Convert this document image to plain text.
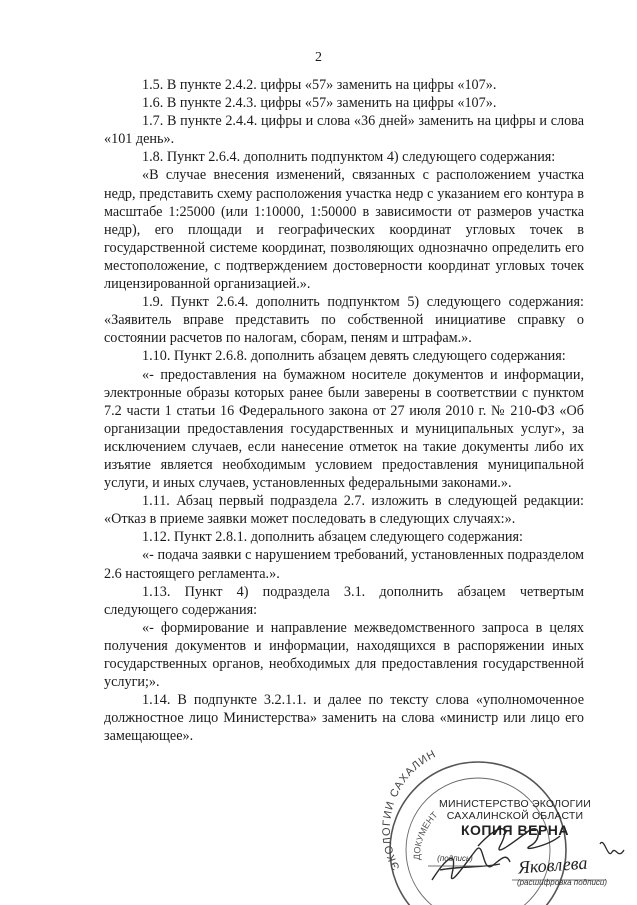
2

1.5. В пункте 2.4.2. цифры «57» заменить на цифры «107».

1.6. В пункте 2.4.3. цифры «57» заменить на цифры «107».

1.7. В пункте 2.4.4. цифры и слова «36 дней» заменить на цифры и слова «101 день».

1.8. Пункт 2.6.4. дополнить подпунктом 4) следующего содержания:

«В случае внесения изменений, связанных с расположением участка недр, представить схему расположения участка недр с указанием его контура в масштабе 1:25000 (или 1:10000, 1:50000 в зависимости от размеров участка недр), его площади и географических координат угловых точек в государственной системе координат, позволяющих однозначно определить его местоположение, с подтверждением достоверности координат угловых точек лицензированной организацией.».

1.9. Пункт 2.6.4. дополнить подпунктом 5) следующего содержания: «Заявитель вправе представить по собственной инициативе справку о состоянии расчетов по налогам, сборам, пеням и штрафам.».

1.10. Пункт 2.6.8. дополнить абзацем девять следующего содержания:

«- предоставления на бумажном носителе документов и информации, электронные образы которых ранее были заверены в соответствии с пунктом 7.2 части 1 статьи 16 Федерального закона от 27 июля 2010 г. № 210-ФЗ «Об организации предоставления государственных и муниципальных услуг», за исключением случаев, если нанесение отметок на такие документы либо их изъятие является необходимым условием предоставления муниципальной услуги, и иных случаев, установленных федеральными законами.».

1.11. Абзац первый подраздела 2.7. изложить в следующей редакции: «Отказ в приеме заявки может последовать в следующих случаях:».

1.12. Пункт 2.8.1. дополнить абзацем следующего содержания:

«- подача заявки с нарушением требований, установленных подразделом 2.6 настоящего регламента.».

1.13. Пункт 4) подраздела 3.1. дополнить абзацем четвертым следующего содержания:

«- формирование и направление межведомственного запроса в целях получения документов и информации, находящихся в распоряжении иных государственных органов, необходимых для предоставления государственной услуги;».

1.14. В подпункте 3.2.1.1. и далее по тексту слова «уполномоченное должностное лицо Министерства» заменить на слова «министр или лицо его замещающее».

ЭКОЛОГИИ САХАЛИН
ДОКУМЕНТ
МИНИСТЕРСТВО ЭКОЛОГИИ
САХАЛИНСКОЙ ОБЛАСТИ
КОПИЯ ВЕРНА
(подпись)	Яковлева
(расшифровка подписи)
